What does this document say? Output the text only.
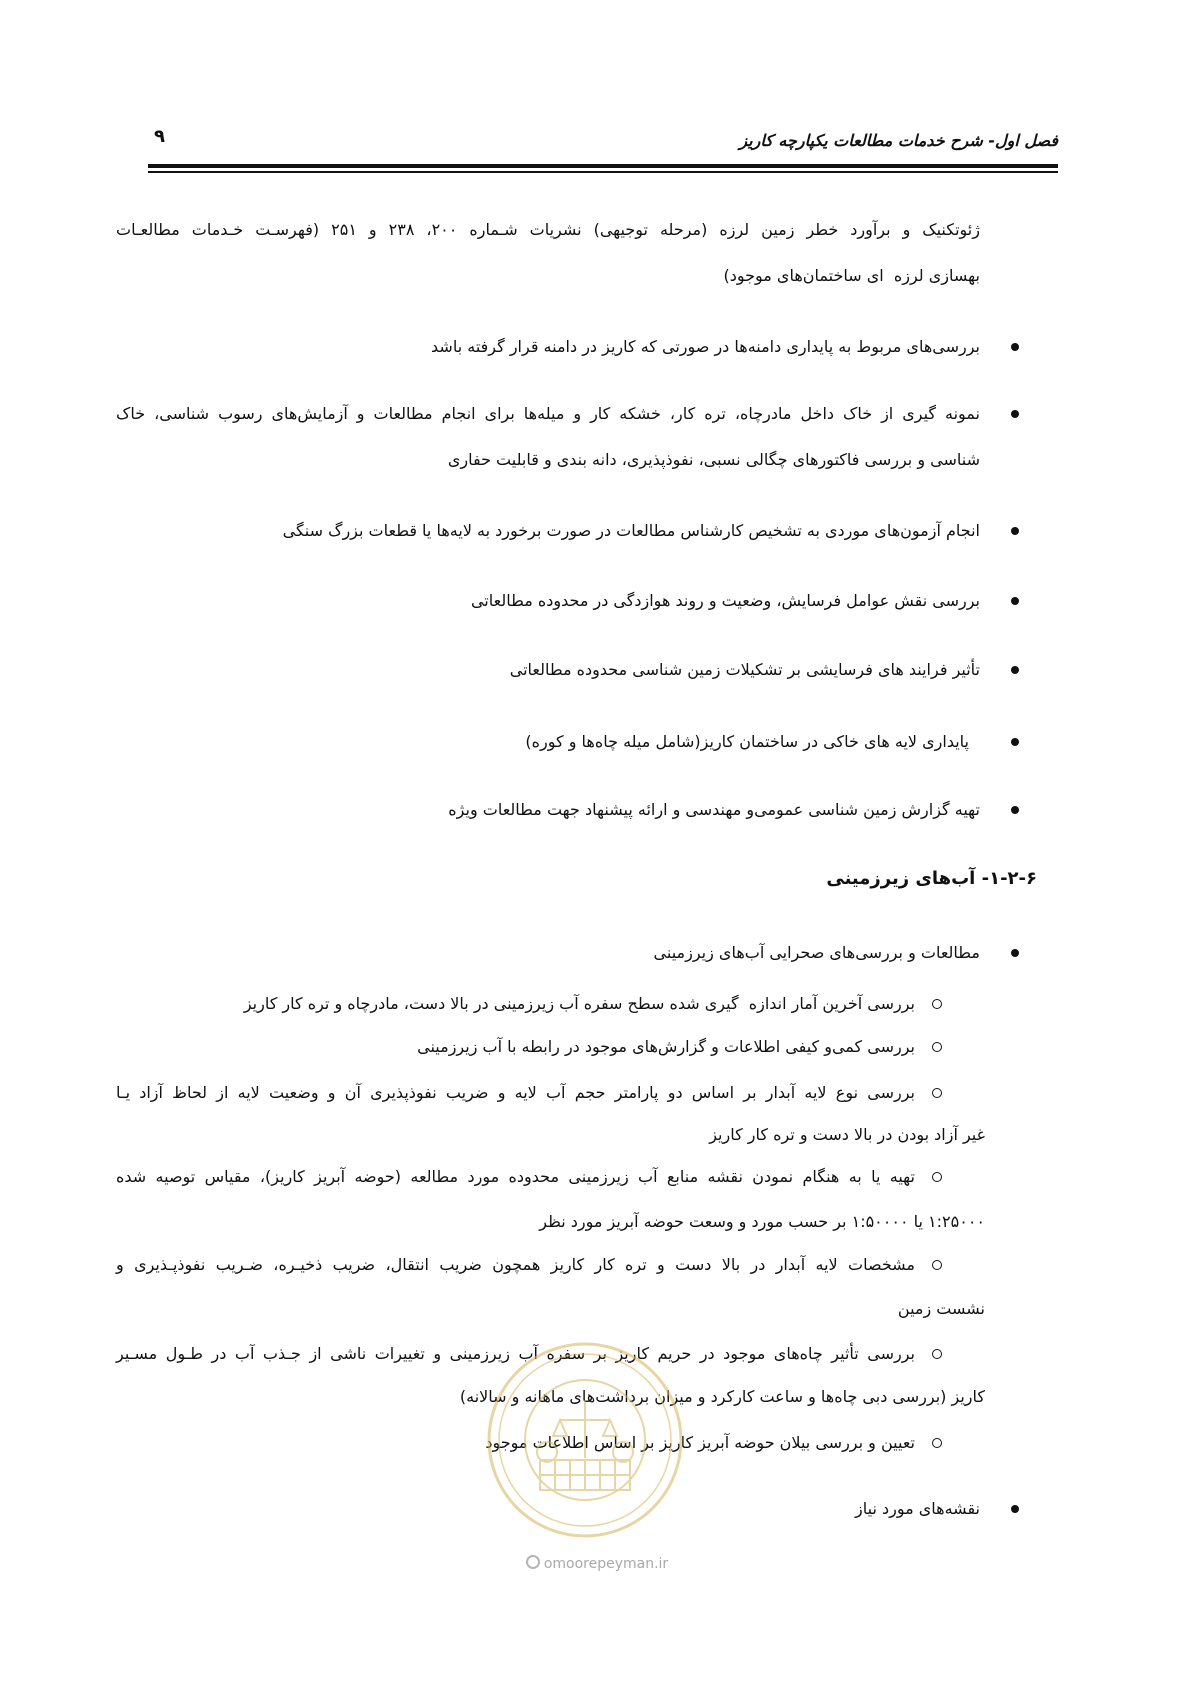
فصل اول- شرح خدمات مطالعات یکپارچه کاریز
۹
ژئوتکنیک و برآورد خطر زمین لرزه (مرحله توجیهی) نشریات شـماره ۲۰۰، ۲۳۸ و ۲۵۱ (فهرسـت خـدمات مطالعـات
بهسازی لرزه  ای ساختمان‌های موجود)
بررسی‌های مربوط به پایداری دامنه‌ها در صورتی که کاریز در دامنه قرار گرفته باشد
نمونه گیری از خاک داخل مادرچاه، تره کار، خشکه کار و میله‌ها برای انجام مطالعات و آزمایش‌های رسوب شناسی، خاک
شناسی و بررسی فاکتورهای چگالی نسبی، نفوذپذیری، دانه بندی و قابلیت حفاری
انجام آزمون‌های موردی به تشخیص کارشناس مطالعات در صورت برخورد به لایه‌ها یا قطعات بزرگ سنگی
بررسی نقش عوامل فرسایش، وضعیت و روند هوازدگی در محدوده مطالعاتی
تأثیر فرایند های فرسایشی بر تشکیلات زمین شناسی محدوده مطالعاتی
پایداری لایه های خاکی در ساختمان کاریز(شامل میله چاه‌ها و کوره)
تهیه گزارش زمین شناسی عمومی‌و مهندسی و ارائه پیشنهاد جهت مطالعات ویژه
۱-۲-۶- آب‌های زیرزمینی
مطالعات و بررسی‌های صحرایی آب‌های زیرزمینی
بررسی آخرین آمار اندازه  گیری شده سطح سفره آب زیرزمینی در بالا دست، مادرچاه و تره کار کاریز
بررسی کمی‌و کیفی اطلاعات و گزارش‌های موجود در رابطه با آب زیرزمینی
بررسی نوع لایه آبدار بر اساس دو پارامتر حجم آب لایه و ضریب نفوذپذیری آن و وضعیت لایه از لحاظ آزاد یـا
غیر آزاد بودن در بالا دست و تره کار کاریز
تهیه یا به هنگام نمودن نقشه منابع آب زیرزمینی محدوده مورد مطالعه (حوضه آبریز کاریز)، مقیاس توصیه شده
۱:۲۵۰۰۰ یا ۱:۵۰۰۰۰ بر حسب مورد و وسعت حوضه آبریز مورد نظر
مشخصات لایه آبدار در بالا دست و تره کار کاریز همچون ضریب انتقال، ضریب ذخیـره، ضـریب نفوذپـذیری و
نشست زمین
بررسی تأثیر چاه‌های موجود در حریم کاریز بر سفره آب زیرزمینی و تغییرات ناشی از جـذب آب در طـول مسـیر
کاریز (بررسی دبی چاه‌ها و ساعت کارکرد و میزان برداشت‌های ماهانه و سالانه)
تعیین و بررسی بیلان حوضه آبریز کاریز بر اساس اطلاعات موجود
نقشه‌های مورد نیاز
omoorepeyman.ir
